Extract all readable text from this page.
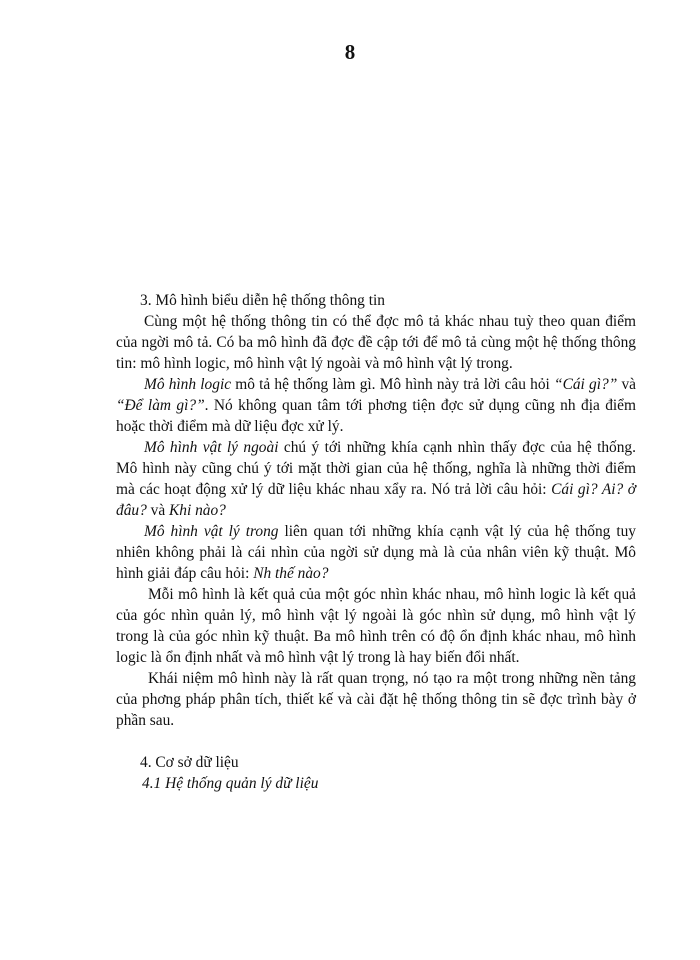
8

3. Mô hình biểu diễn hệ thống thông tin

Cùng một hệ thống thông tin có thể đợc mô tả khác nhau tuỳ theo quan điểm của ngời mô tả. Có ba mô hình đã đợc đề cập tới để mô tả cùng một hệ thống thông tin: mô hình logic, mô hình vật lý ngoài và mô hình vật lý trong.

Mô hình logic mô tả hệ thống làm gì. Mô hình này trả lời câu hỏi “Cái gì?” và “Để làm gì?”. Nó không quan tâm tới phơng tiện đợc sử dụng cũng nh địa điểm hoặc thời điểm mà dữ liệu đợc xử lý.

Mô hình vật lý ngoài chú ý tới những khía cạnh nhìn thấy đợc của hệ thống. Mô hình này cũng chú ý tới mặt thời gian của hệ thống, nghĩa là những thời điểm mà các hoạt động xử lý dữ liệu khác nhau xẩy ra. Nó trả lời câu hỏi: Cái gì? Ai? ở đâu? và Khi nào?

Mô hình vật lý trong liên quan tới những khía cạnh vật lý của hệ thống tuy nhiên không phải là cái nhìn của ngời sử dụng mà là của nhân viên kỹ thuật. Mô hình giải đáp câu hỏi: Nh thế nào?

Mỗi mô hình là kết quả của một góc nhìn khác nhau, mô hình logic là kết quả của góc nhìn quản lý, mô hình vật lý ngoài là góc nhìn sử dụng, mô hình vật lý trong là của góc nhìn kỹ thuật. Ba mô hình trên có độ ổn định khác nhau, mô hình logic là ổn định nhất và mô hình vật lý trong là hay biến đổi nhất.

Khái niệm mô hình này là rất quan trọng, nó tạo ra một trong những nền tảng của phơng pháp phân tích, thiết kế và cài đặt hệ thống thông tin sẽ đợc trình bày ở phần sau.

4. Cơ sở dữ liệu

4.1 Hệ thống quản lý dữ liệu
